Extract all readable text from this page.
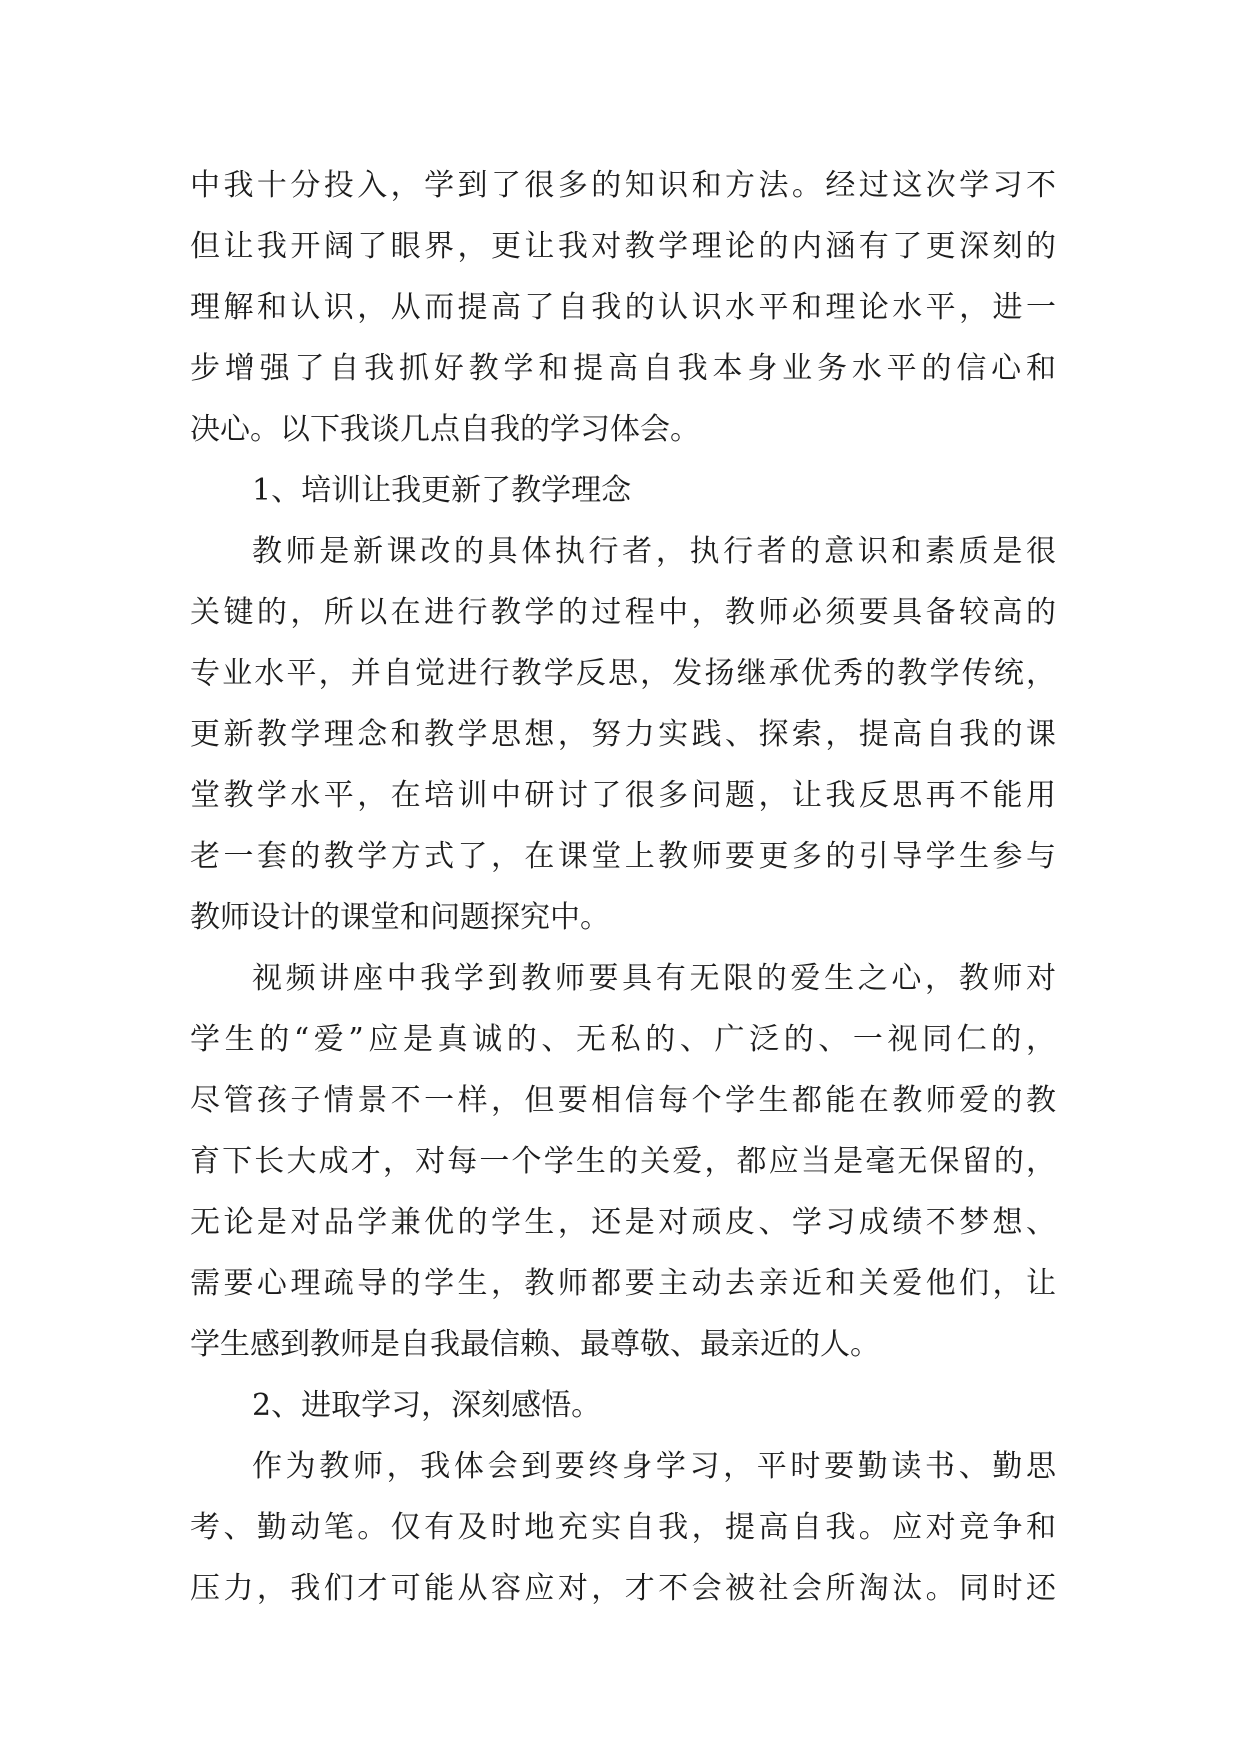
中我十分投入，学到了很多的知识和方法。经过这次学习不
但让我开阔了眼界，更让我对教学理论的内涵有了更深刻的
理解和认识，从而提高了自我的认识水平和理论水平，进一
步增强了自我抓好教学和提高自我本身业务水平的信心和
决心。以下我谈几点自我的学习体会。
1、培训让我更新了教学理念
教师是新课改的具体执行者，执行者的意识和素质是很
关键的，所以在进行教学的过程中，教师必须要具备较高的
专业水平，并自觉进行教学反思，发扬继承优秀的教学传统，
更新教学理念和教学思想，努力实践、探索，提高自我的课
堂教学水平，在培训中研讨了很多问题，让我反思再不能用
老一套的教学方式了，在课堂上教师要更多的引导学生参与
教师设计的课堂和问题探究中。
视频讲座中我学到教师要具有无限的爱生之心，教师对
学生的“爱”应是真诚的、无私的、广泛的、一视同仁的，
尽管孩子情景不一样，但要相信每个学生都能在教师爱的教
育下长大成才，对每一个学生的关爱，都应当是毫无保留的，
无论是对品学兼优的学生，还是对顽皮、学习成绩不梦想、
需要心理疏导的学生，教师都要主动去亲近和关爱他们，让
学生感到教师是自我最信赖、最尊敬、最亲近的人。
2、进取学习，深刻感悟。
作为教师，我体会到要终身学习，平时要勤读书、勤思
考、勤动笔。仅有及时地充实自我，提高自我。应对竞争和
压力，我们才可能从容应对，才不会被社会所淘汰。同时还
